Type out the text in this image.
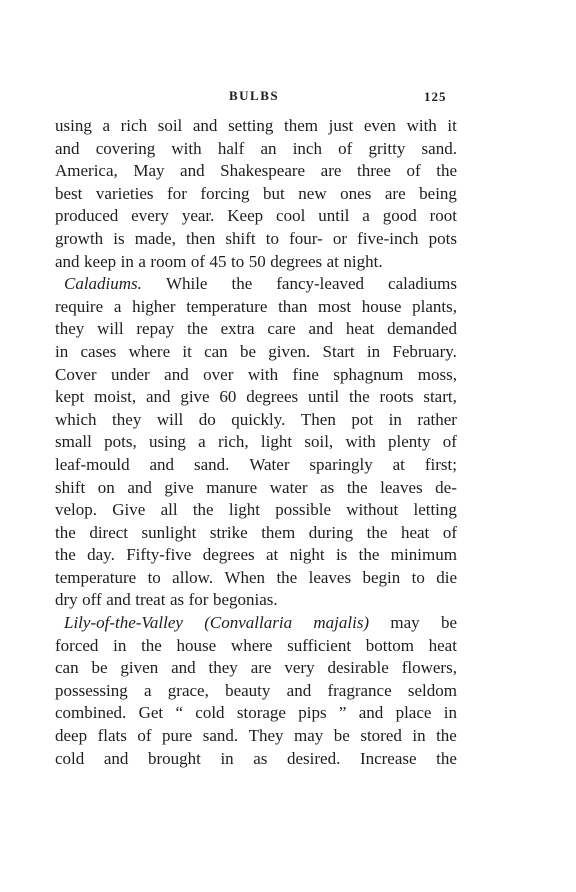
BULBS	125
using a rich soil and setting them just even with it
and covering with half an inch of gritty sand.
America, May and Shakespeare are three of the
best varieties for forcing but new ones are being
produced every year. Keep cool until a good root
growth is made, then shift to four- or five-inch pots
and keep in a room of 45 to 50 degrees at night.
Caladiums. While the fancy-leaved caladiums
require a higher temperature than most house plants,
they will repay the extra care and heat demanded
in cases where it can be given. Start in February.
Cover under and over with fine sphagnum moss,
kept moist, and give 60 degrees until the roots start,
which they will do quickly. Then pot in rather
small pots, using a rich, light soil, with plenty of
leaf-mould and sand. Water sparingly at first;
shift on and give manure water as the leaves de-
velop. Give all the light possible without letting
the direct sunlight strike them during the heat of
the day. Fifty-five degrees at night is the minimum
temperature to allow. When the leaves begin to die
dry off and treat as for begonias.
Lily-of-the-Valley (Convallaria majalis) may be
forced in the house where sufficient bottom heat
can be given and they are very desirable flowers,
possessing a grace, beauty and fragrance seldom
combined. Get “ cold storage pips ” and place in
deep flats of pure sand. They may be stored in the
cold and brought in as desired. Increase the
